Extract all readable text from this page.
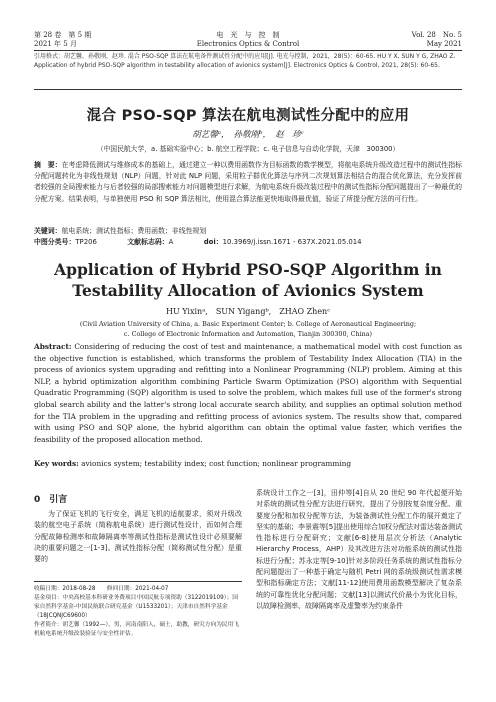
第 28 卷　第 5 期
2021 年 5 月
电　光　与　控　制
Electronics Optics & Control
Vol. 28　No. 5
May 2021
引用格式：胡艺馨，孙敬刚，赵珍. 混合 PSO-SQP 算法在航电备件测试性分配中的应用[J]. 电光与控制，2021，28(5)：60-65. HU Y X, SUN Y G, ZHAO Z. Application of hybrid PSO-SQP algorithm in testability allocation of avionics system[J]. Electronics Optics & Control, 2021, 28(5): 60-65.
混合 PSO-SQP 算法在航电测试性分配中的应用
胡艺馨ᵃ，　孙敬刚ᵇ，　赵　珍ᶜ
（中国民航大学，a. 基础实验中心；b. 航空工程学院；c. 电子信息与自动化学院，天津　300300）
摘　要：在考虑降低测试与维修成本的基础上，通过建立一种以费用函数作为目标函数的数学模型，将航电系统升级改造过程中的测试性指标分配问题转化为非线性规划（NLP）问题，针对此 NLP 问题，采用粒子群优化算法与序列二次规划算法相结合的混合优化算法，充分发挥前者较强的全局搜索能力与后者较强的局部搜索能力对问题模型进行求解，为航电系统升级改装过程中的测试性指标分配问题提出了一种最优的分配方案。结果表明，与单独使用 PSO 和 SQP 算法相比，使用混合算法能更快地取得最优值，验证了所提分配方法的可行性。
关键词：航电系统；测试性指标；费用函数；非线性规划
中图分类号：TP206	文献标志码：A	doi：10.3969/j.issn.1671 - 637X.2021.05.014
Application of Hybrid PSO-SQP Algorithm in Testability Allocation of Avionics System
HU Yixinᵃ,　SUN Yigangᵇ,　ZHAO Zhenᶜ
(Civil Aviation University of China, a. Basic Experiment Center; b. College of Aeronautical Engineering;
c. College of Electronic Information and Automation, Tianjin 300300, China)
Abstract: Considering of reducing the cost of test and maintenance, a mathematical model with cost function as the objective function is established, which transforms the problem of Testability Index Allocation (TIA) in the process of avionics system upgrading and refitting into a Nonlinear Programming (NLP) problem. Aiming at this NLP, a hybrid optimization algorithm combining Particle Swarm Optimization (PSO) algorithm with Sequential Quadratic Programming (SQP) algorithm is used to solve the problem, which makes full use of the former's strong global search ability and the latter's strong local accurate search ability, and supplies an optimal solution method for the TIA problem in the upgrading and refitting process of avionics system. The results show that, compared with using PSO and SQP alone, the hybrid algorithm can obtain the optimal value faster, which verifies the feasibility of the proposed allocation method.
Key words: avionics system; testability index; cost function; nonlinear programming
0　引言
为了保证飞机的飞行安全，满足飞机的适航要求，须对升级改装的航空电子系统（简称航电系统）进行测试性设计，而如何合理分配故障检测率和故障隔离率等测试性指标是测试性设计必须要解决的重要问题之一[1-3]。测试性指标分配（简称测试性分配）是重要的
系统设计工作之一[3]，田仲等[4]自从 20 世纪 90 年代起便开始对系统的测试性分配方法进行研究，提出了分别按复杂度分配、重要度分配和加权分配等方法，为装备测试性分配工作的展开奠定了坚实的基础；李景震等[5]提出使用综合加权分配法对雷达装备测试性指标进行分配研究；文献[6-8]使用层次分析法（Analytic Hierarchy Process，AHP）及其改进方法对功能系统的测试性指标进行分配；苏永定等[9-10]针对多阶段任务系统的测试性指标分配问题提出了一种基于确定与随机 Petri 网的系统级测试性需求模型和指标确定方法；文献[11-12]使用费用函数模型解决了复杂系统的可靠性优化分配问题；文献[13]以测试代价最小为优化目标，以故障检测率、故障隔离率及虚警率为约束条件
收稿日期：2018-08-28　　修回日期：2021-04-07
基金项目：中央高校基本科研业务费项目中国民航专项资助（3122019109）；国家自然科学基金-中国民航联合研究基金（U1533201）；天津市自然科学基金（18JCQNJC69600）
作者简介：胡艺馨（1992—），男，河南南阳人，硕士，助教，研究方向为民用飞机航电系统升级改装验证与安全性评估。
